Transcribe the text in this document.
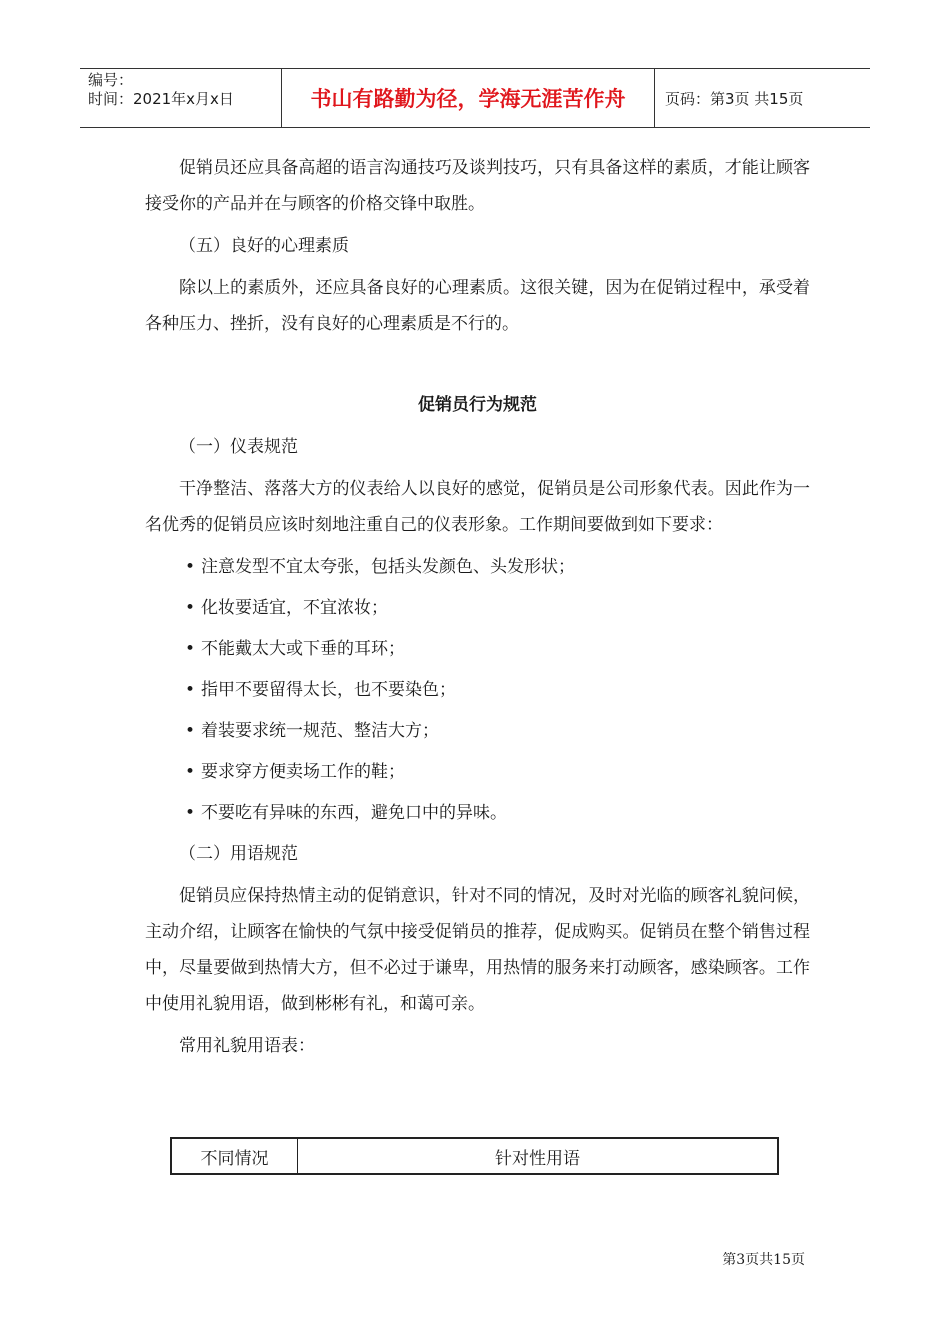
编号：
时间：2021年x月x日	书山有路勤为径，学海无涯苦作舟	页码：第3页 共15页

促销员还应具备高超的语言沟通技巧及谈判技巧，只有具备这样的素质，才能让顾客接受你的产品并在与顾客的价格交锋中取胜。

（五）良好的心理素质

除以上的素质外，还应具备良好的心理素质。这很关键，因为在促销过程中，承受着各种压力、挫折，没有良好的心理素质是不行的。

促销员行为规范

（一）仪表规范

干净整洁、落落大方的仪表给人以良好的感觉，促销员是公司形象代表。因此作为一名优秀的促销员应该时刻地注重自己的仪表形象。工作期间要做到如下要求：

• 注意发型不宜太夸张，包括头发颜色、头发形状；

• 化妆要适宜，不宜浓妆；

• 不能戴太大或下垂的耳环；

• 指甲不要留得太长，也不要染色；

• 着装要求统一规范、整洁大方；

• 要求穿方便卖场工作的鞋；

• 不要吃有异味的东西，避免口中的异味。

（二）用语规范

促销员应保持热情主动的促销意识，针对不同的情况，及时对光临的顾客礼貌问候，主动介绍，让顾客在愉快的气氛中接受促销员的推荐，促成购买。促销员在整个销售过程中，尽量要做到热情大方，但不必过于谦卑，用热情的服务来打动顾客，感染顾客。工作中使用礼貌用语，做到彬彬有礼，和蔼可亲。

常用礼貌用语表：

不同情况	针对性用语
第3页共15页
